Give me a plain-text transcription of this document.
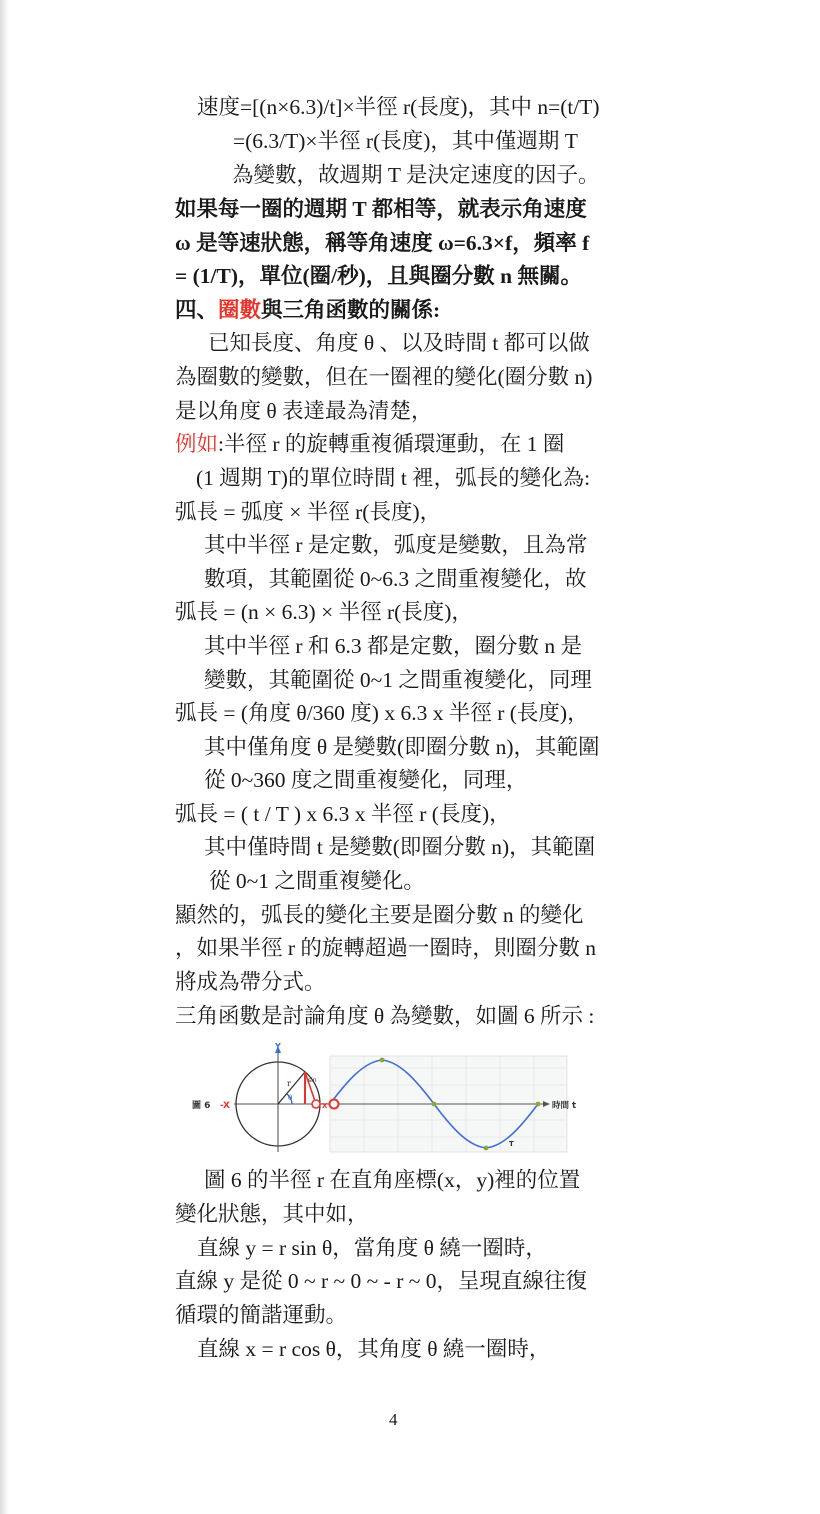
速度=[(n×6.3)/t]×半徑 r(長度)，其中 n=(t/T)
=(6.3/T)×半徑 r(長度)，其中僅週期 T
為變數，故週期 T 是決定速度的因子。
如果每一圈的週期 T 都相等，就表示角速度
ω 是等速狀態，稱等角速度 ω=6.3×f，頻率 f
= (1/T)，單位(圈/秒)，且與圈分數 n 無關。
四、圈數與三角函數的關係:
已知長度、角度 θ 、以及時間 t 都可以做
為圈數的變數，但在一圈裡的變化(圈分數 n)
是以角度 θ 表達最為清楚，
例如:半徑 r 的旋轉重複循環運動，在 1 圈
(1 週期 T)的單位時間 t 裡，弧長的變化為:
弧長 = 弧度 × 半徑 r(長度)，
其中半徑 r 是定數，弧度是變數，且為常
數項，其範圍從 0~6.3 之間重複變化，故
弧長 = (n × 6.3) × 半徑 r(長度)，
其中半徑 r 和 6.3 都是定數，圈分數 n 是
變數，其範圍從 0~1 之間重複變化，同理
弧長 = (角度 θ/360 度) x 6.3 x 半徑 r (長度)，
其中僅角度 θ 是變數(即圈分數 n)，其範圍
從 0~360 度之間重複變化，同理，
弧長 = ( t / T ) x 6.3 x 半徑 r (長度)，
其中僅時間 t 是變數(即圈分數 n)，其範圍
從 0~1 之間重複變化。
顯然的，弧長的變化主要是圈分數 n 的變化
，如果半徑 r 的旋轉超過一圈時，則圈分數 n
將成為帶分式。
三角函數是討論角度 θ 為變數，如圖 6 所示 :
圖 6 -X
Y
r
θ
sin
X	時間 t
T
圖 6 的半徑 r 在直角座標(x，y)裡的位置
變化狀態，其中如，
直線 y = r sin θ，當角度 θ 繞一圈時，
直線 y 是從 0 ~ r ~ 0 ~ - r ~ 0，呈現直線往復
循環的簡諧運動。
直線 x = r cos θ，其角度 θ 繞一圈時，
4
